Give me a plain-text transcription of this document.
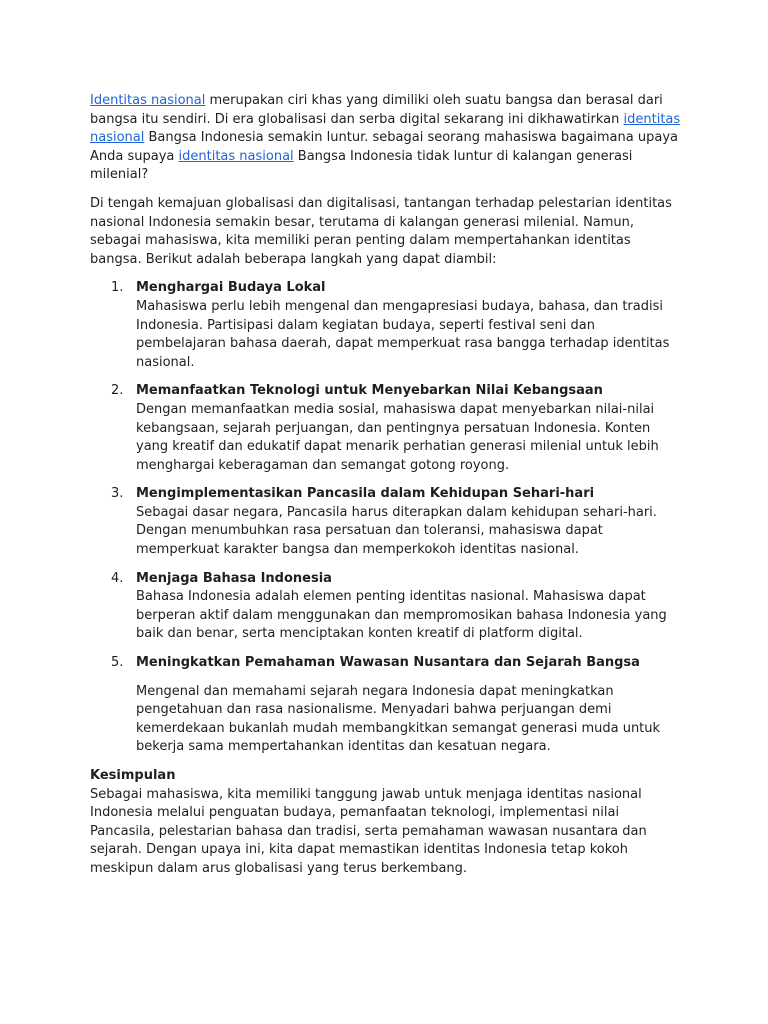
Identitas nasional merupakan ciri khas yang dimiliki oleh suatu bangsa dan berasal dari bangsa itu sendiri. Di era globalisasi dan serba digital sekarang ini dikhawatirkan identitas nasional Bangsa Indonesia semakin luntur. sebagai seorang mahasiswa bagaimana upaya Anda supaya identitas nasional Bangsa Indonesia tidak luntur di kalangan generasi milenial?

Di tengah kemajuan globalisasi dan digitalisasi, tantangan terhadap pelestarian identitas nasional Indonesia semakin besar, terutama di kalangan generasi milenial. Namun, sebagai mahasiswa, kita memiliki peran penting dalam mempertahankan identitas bangsa. Berikut adalah beberapa langkah yang dapat diambil:

1. Menghargai Budaya Lokal
Mahasiswa perlu lebih mengenal dan mengapresiasi budaya, bahasa, dan tradisi Indonesia. Partisipasi dalam kegiatan budaya, seperti festival seni dan pembelajaran bahasa daerah, dapat memperkuat rasa bangga terhadap identitas nasional.
2. Memanfaatkan Teknologi untuk Menyebarkan Nilai Kebangsaan
Dengan memanfaatkan media sosial, mahasiswa dapat menyebarkan nilai-nilai kebangsaan, sejarah perjuangan, dan pentingnya persatuan Indonesia. Konten yang kreatif dan edukatif dapat menarik perhatian generasi milenial untuk lebih menghargai keberagaman dan semangat gotong royong.
3. Mengimplementasikan Pancasila dalam Kehidupan Sehari-hari
Sebagai dasar negara, Pancasila harus diterapkan dalam kehidupan sehari-hari. Dengan menumbuhkan rasa persatuan dan toleransi, mahasiswa dapat memperkuat karakter bangsa dan memperkokoh identitas nasional.
4. Menjaga Bahasa Indonesia
Bahasa Indonesia adalah elemen penting identitas nasional. Mahasiswa dapat berperan aktif dalam menggunakan dan mempromosikan bahasa Indonesia yang baik dan benar, serta menciptakan konten kreatif di platform digital.
5. Meningkatkan Pemahaman Wawasan Nusantara dan Sejarah Bangsa
Mengenal dan memahami sejarah negara Indonesia dapat meningkatkan pengetahuan dan rasa nasionalisme. Menyadari bahwa perjuangan demi kemerdekaan bukanlah mudah membangkitkan semangat generasi muda untuk bekerja sama mempertahankan identitas dan kesatuan negara.
Kesimpulan

Sebagai mahasiswa, kita memiliki tanggung jawab untuk menjaga identitas nasional Indonesia melalui penguatan budaya, pemanfaatan teknologi, implementasi nilai Pancasila, pelestarian bahasa dan tradisi, serta pemahaman wawasan nusantara dan sejarah. Dengan upaya ini, kita dapat memastikan identitas Indonesia tetap kokoh meskipun dalam arus globalisasi yang terus berkembang.
